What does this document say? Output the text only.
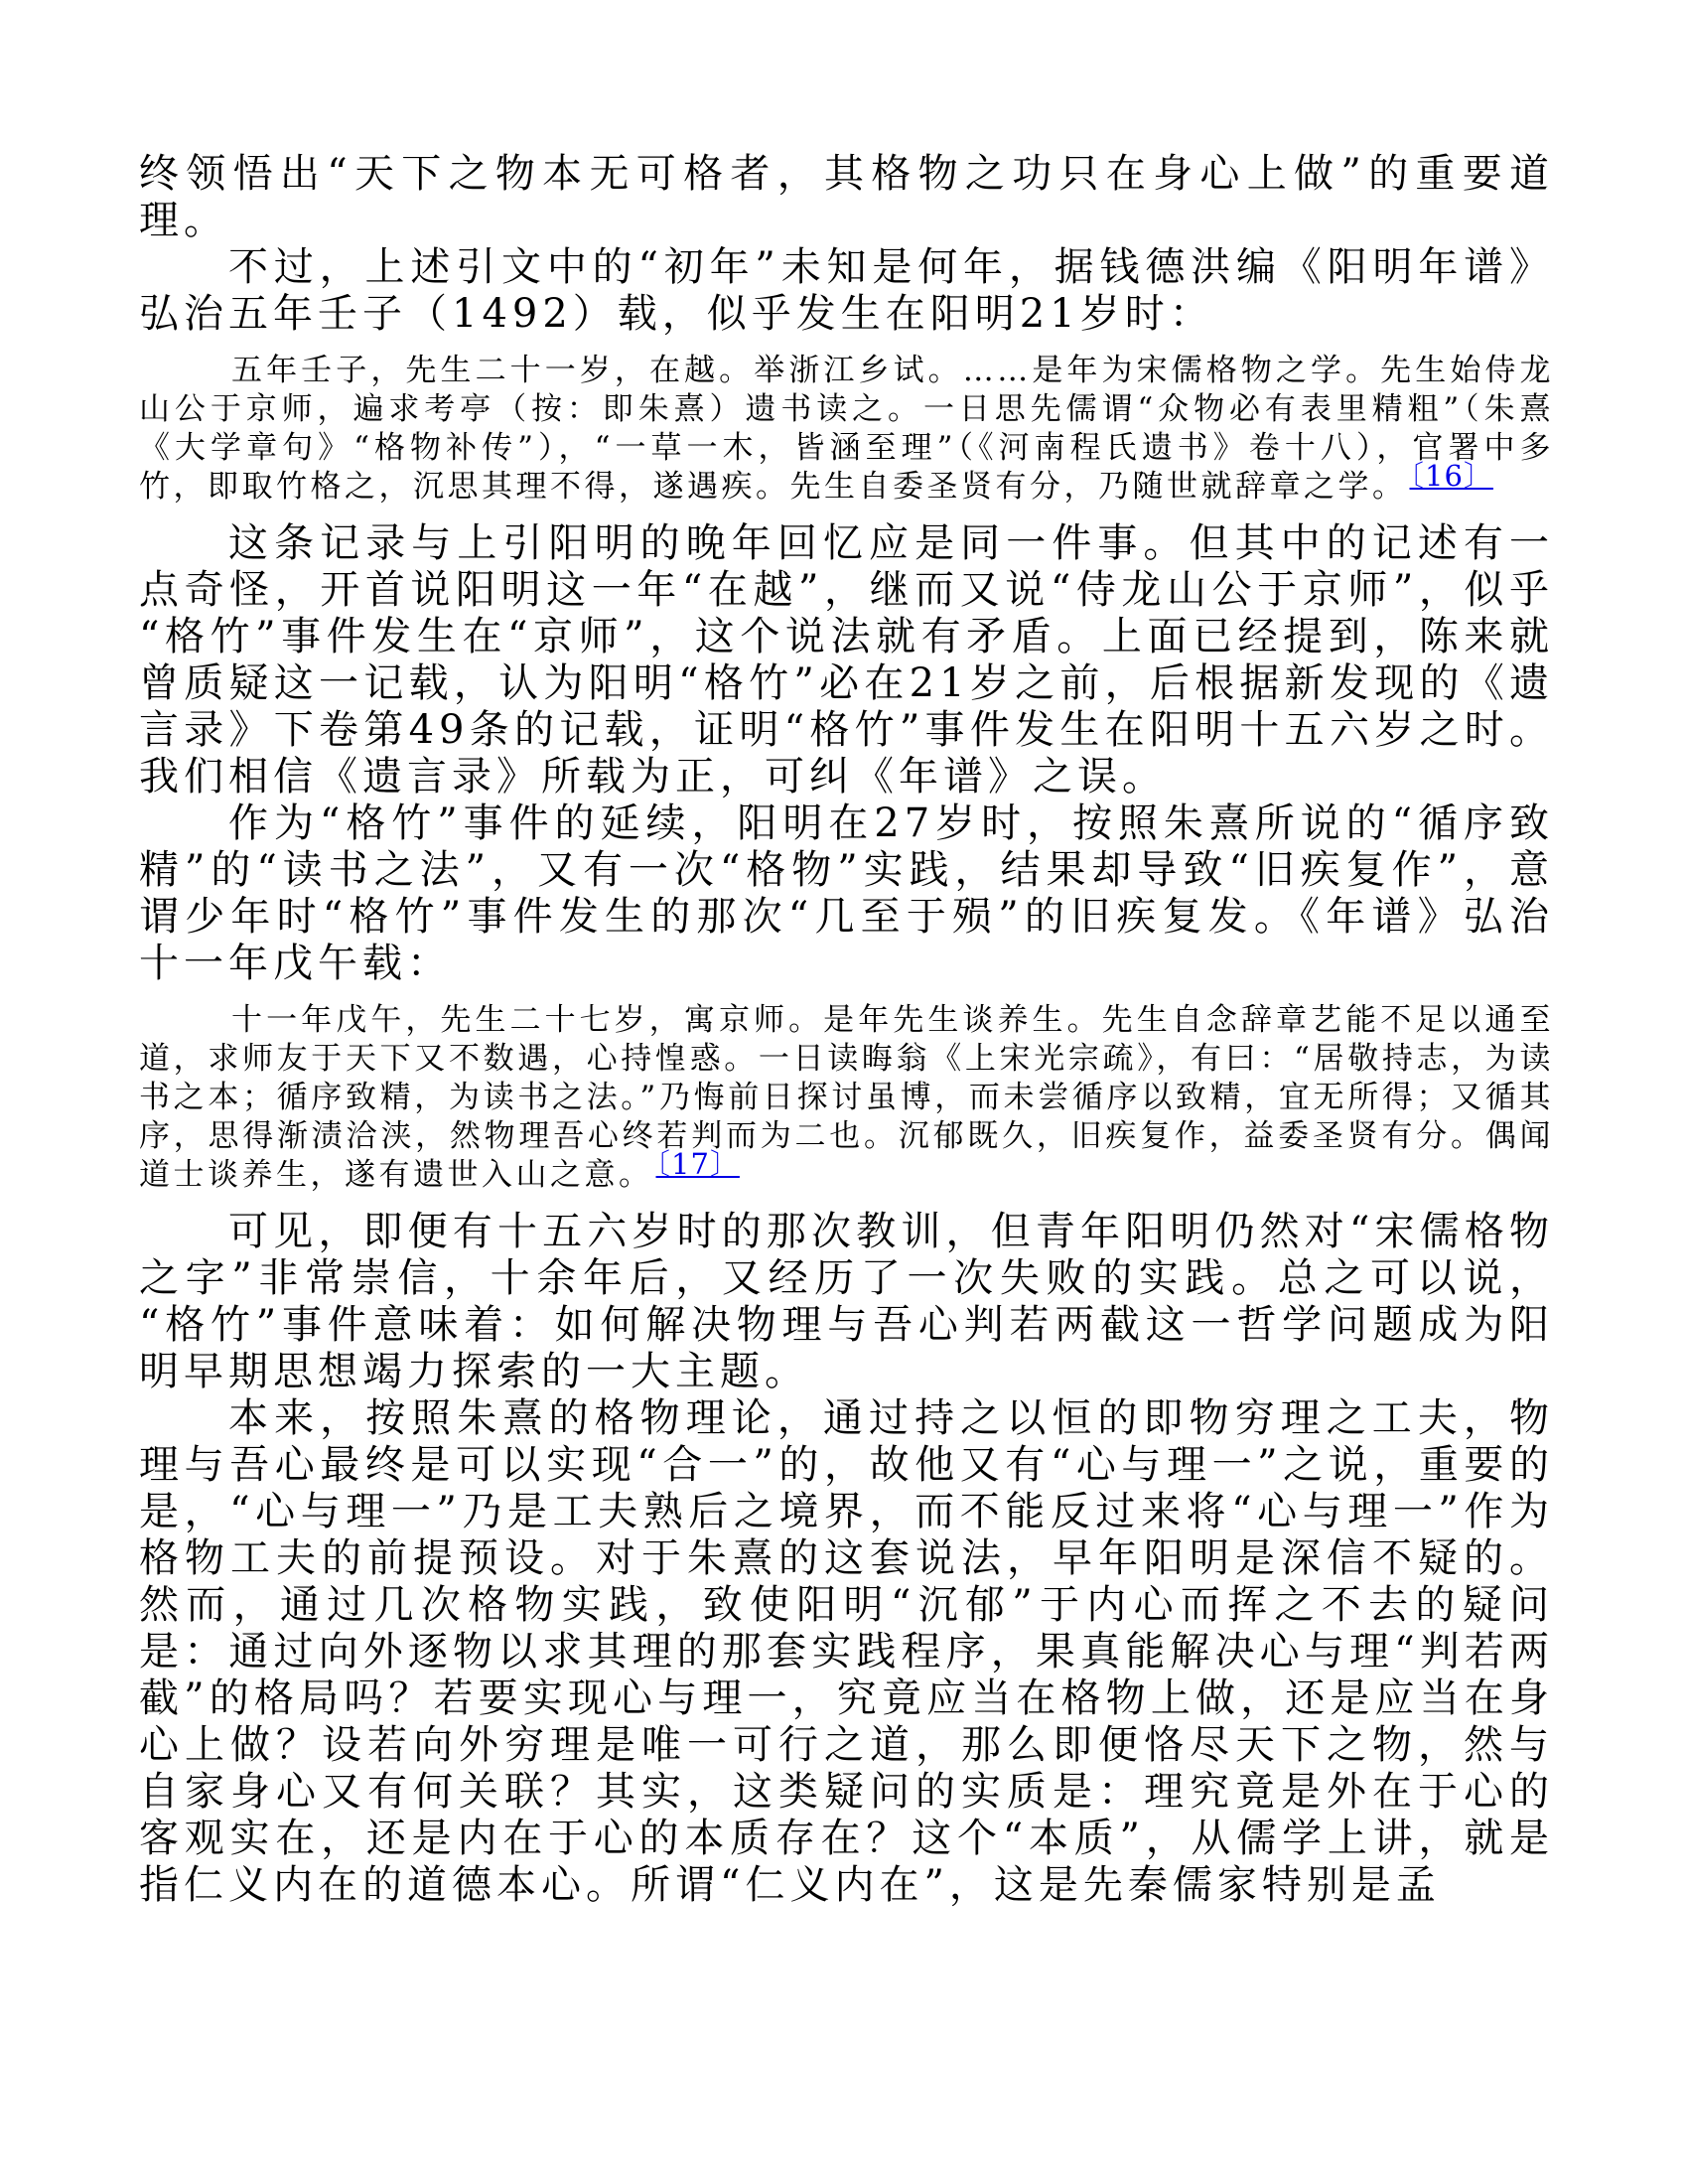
终领悟出“天下之物本无可格者，其格物之功只在身心上做”的重要道理。

不过，上述引文中的“初年”未知是何年，据钱德洪编《阳明年谱》弘治五年壬子（1492）载，似乎发生在阳明21岁时：

五年壬子，先生二十一岁，在越。举浙江乡试。……是年为宋儒格物之学。先生始侍龙山公于京师，遍求考亭（按：即朱熹）遗书读之。一日思先儒谓“众物必有表里精粗”（朱熹《大学章句》“格物补传”），“一草一木，皆涵至理”（《河南程氏遗书》卷十八），官署中多竹，即取竹格之，沉思其理不得，遂遇疾。先生自委圣贤有分，乃随世就辞章之学。 〔16〕

这条记录与上引阳明的晚年回忆应是同一件事。但其中的记述有一点奇怪，开首说阳明这一年“在越”，继而又说“侍龙山公于京师”，似乎“格竹”事件发生在“京师”，这个说法就有矛盾。上面已经提到，陈来就曾质疑这一记载，认为阳明“格竹”必在21岁之前，后根据新发现的《遗言录》下卷第49条的记载，证明“格竹”事件发生在阳明十五六岁之时。我们相信《遗言录》所载为正，可纠《年谱》之误。

作为“格竹”事件的延续，阳明在27岁时，按照朱熹所说的“循序致精”的“读书之法”，又有一次“格物”实践，结果却导致“旧疾复作”，意谓少年时“格竹”事件发生的那次“几至于殒”的旧疾复发。《年谱》弘治十一年戊午载：

十一年戊午，先生二十七岁，寓京师。是年先生谈养生。先生自念辞章艺能不足以通至道，求师友于天下又不数遇，心持惶惑。一日读晦翁《上宋光宗疏》，有曰：“居敬持志，为读书之本；循序致精，为读书之法。”乃悔前日探讨虽博，而未尝循序以致精，宜无所得；又循其序，思得渐渍洽浃，然物理吾心终若判而为二也。沉郁既久，旧疾复作，益委圣贤有分。偶闻道士谈养生，遂有遗世入山之意。 〔17〕

可见，即便有十五六岁时的那次教训，但青年阳明仍然对“宋儒格物之字”非常崇信，十余年后，又经历了一次失败的实践。总之可以说，“格竹”事件意味着：如何解决物理与吾心判若两截这一哲学问题成为阳明早期思想竭力探索的一大主题。

本来，按照朱熹的格物理论，通过持之以恒的即物穷理之工夫，物理与吾心最终是可以实现“合一”的，故他又有“心与理一”之说，重要的是，“心与理一”乃是工夫熟后之境界，而不能反过来将“心与理一”作为格物工夫的前提预设。对于朱熹的这套说法，早年阳明是深信不疑的。然而，通过几次格物实践，致使阳明“沉郁”于内心而挥之不去的疑问是：通过向外逐物以求其理的那套实践程序，果真能解决心与理“判若两截”的格局吗？若要实现心与理一，究竟应当在格物上做，还是应当在身心上做？设若向外穷理是唯一可行之道，那么即便恪尽天下之物，然与自家身心又有何关联？其实，这类疑问的实质是：理究竟是外在于心的客观实在，还是内在于心的本质存在？这个“本质”，从儒学上讲，就是指仁义内在的道德本心。所谓“仁义内在”，这是先秦儒家特别是孟
